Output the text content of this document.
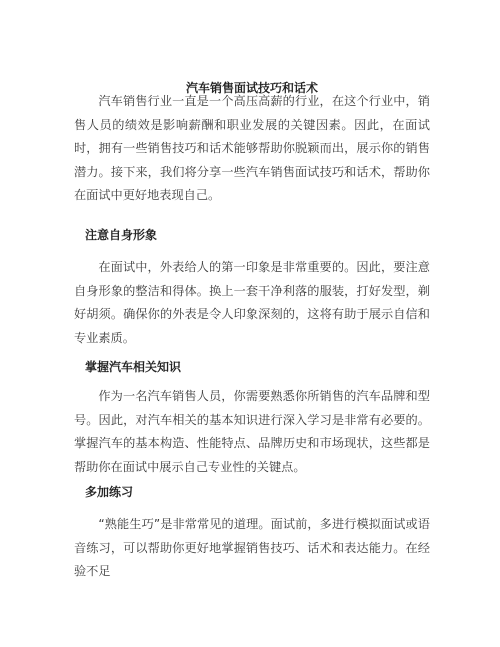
汽车销售面试技巧和话术
汽车销售行业一直是一个高压高薪的行业，在这个行业中，销售人员的绩效是影响薪酬和职业发展的关键因素。因此，在面试时，拥有一些销售技巧和话术能够帮助你脱颖而出，展示你的销售潜力。接下来，我们将分享一些汽车销售面试技巧和话术，帮助你在面试中更好地表现自己。
注意自身形象
在面试中，外表给人的第一印象是非常重要的。因此，要注意自身形象的整洁和得体。换上一套干净利落的服装，打好发型，剃好胡须。确保你的外表是令人印象深刻的，这将有助于展示自信和专业素质。
掌握汽车相关知识
作为一名汽车销售人员，你需要熟悉你所销售的汽车品牌和型号。因此，对汽车相关的基本知识进行深入学习是非常有必要的。掌握汽车的基本构造、性能特点、品牌历史和市场现状，这些都是帮助你在面试中展示自己专业性的关键点。
多加练习
“熟能生巧”是非常常见的道理。面试前，多进行模拟面试或语音练习，可以帮助你更好地掌握销售技巧、话术和表达能力。在经验不足
